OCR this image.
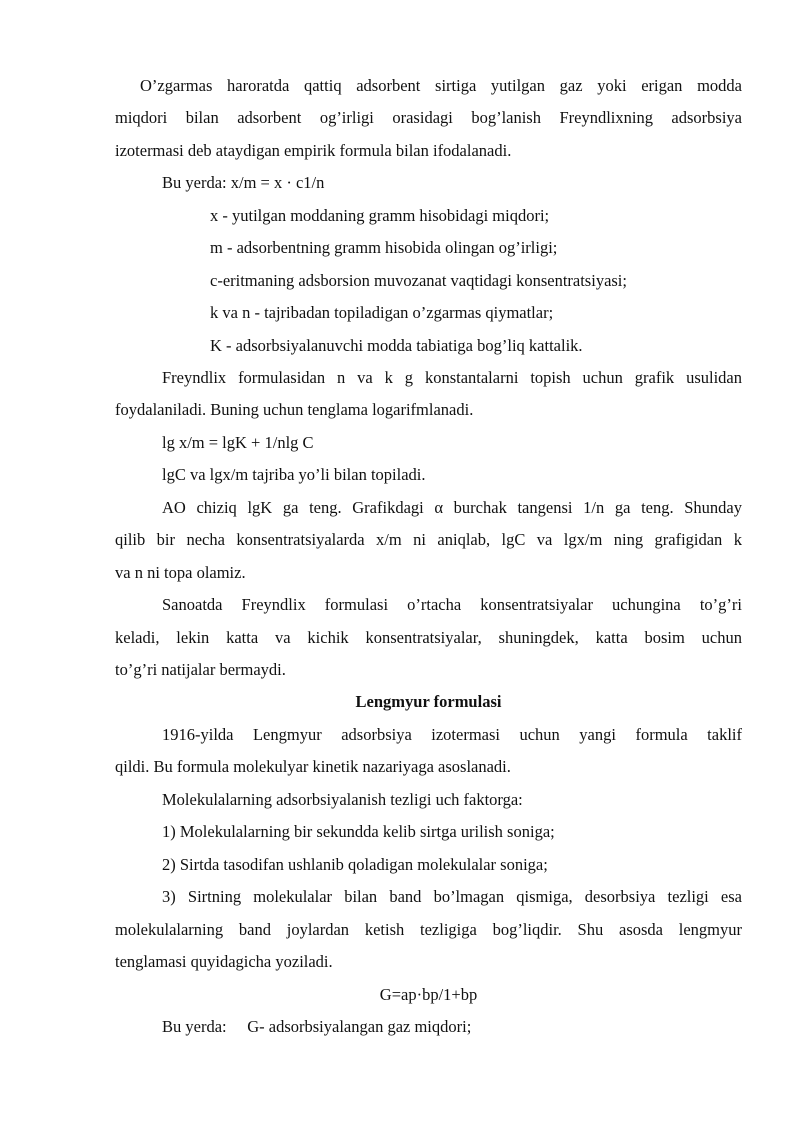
O’zgarmas haroratda qattiq adsorbent sirtiga yutilgan gaz yoki erigan modda
miqdori bilan adsorbent og’irligi orasidagi bog’lanish Freyndlixning adsorbsiya
izotermasi deb ataydigan empirik formula bilan ifodalanadi.
Bu yerda: x/m = x · c1/n
x - yutilgan moddaning gramm hisobidagi miqdori;
m - adsorbentning gramm hisobida olingan og’irligi;
c-eritmaning adsborsion muvozanat vaqtidagi konsentratsiyasi;
k va n - tajribadan topiladigan o’zgarmas qiymatlar;
K - adsorbsiyalanuvchi modda tabiatiga bog’liq kattalik.
Freyndlix formulasidan n va k g konstantalarni topish uchun grafik usulidan
foydalaniladi. Buning uchun tenglama logarifmlanadi.
lg x/m = lgK + 1/nlg C
lgC va lgx/m tajriba yo’li bilan topiladi.
AO chiziq lgK ga teng. Grafikdagi α burchak tangensi 1/n ga teng. Shunday
qilib bir necha konsentratsiyalarda x/m ni aniqlab, lgC va lgx/m ning grafigidan k
va n ni topa olamiz.
Sanoatda Freyndlix formulasi o’rtacha konsentratsiyalar uchungina to’g’ri
keladi, lekin katta va kichik konsentratsiyalar, shuningdek, katta bosim uchun
to’g’ri natijalar bermaydi.
Lengmyur formulasi
1916-yilda Lengmyur adsorbsiya izotermasi uchun yangi formula taklif
qildi. Bu formula molekulyar kinetik nazariyaga asoslanadi.
Molekulalarning adsorbsiyalanish tezligi uch faktorga:
1) Molekulalarning bir sekundda kelib sirtga urilish soniga;
2) Sirtda tasodifan ushlanib qoladigan molekulalar soniga;
3) Sirtning molekulalar bilan band bo’lmagan qismiga, desorbsiya tezligi esa
molekulalarning band joylardan ketish tezligiga bog’liqdir. Shu asosda lengmyur
tenglamasi quyidagicha yoziladi.
G=ap·bp/1+bp
Bu yerda:     G- adsorbsiyalangan gaz miqdori;
